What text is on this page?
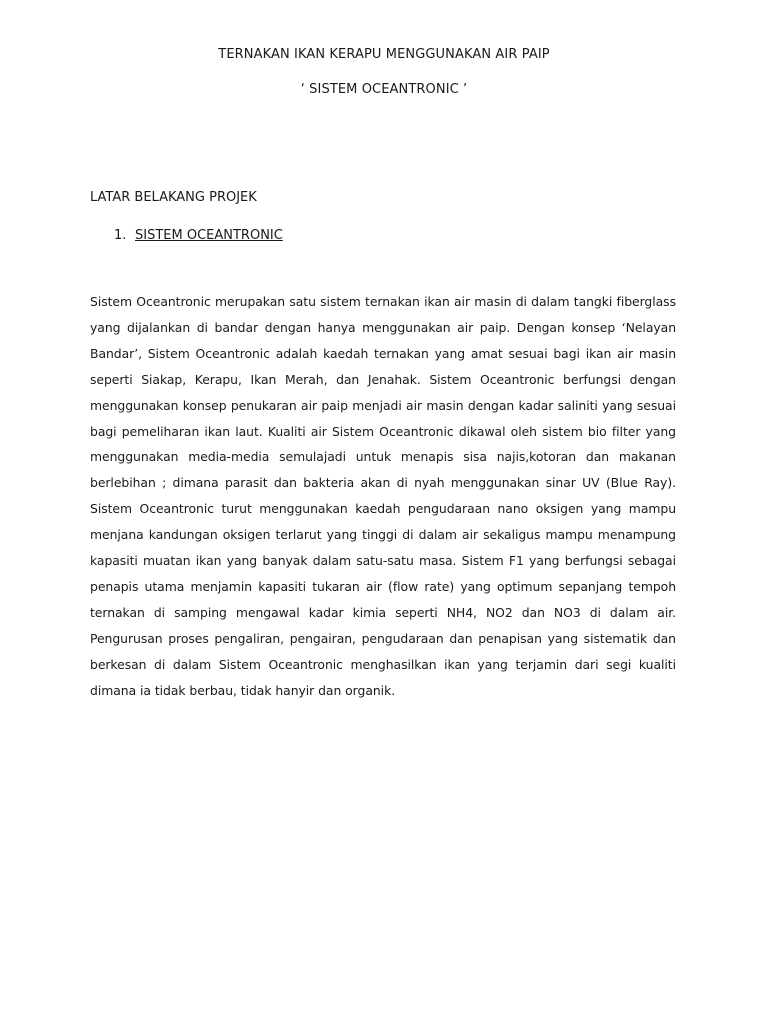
TERNAKAN IKAN KERAPU MENGGUNAKAN AIR PAIP
‘ SISTEM OCEANTRONIC ’
LATAR BELAKANG PROJEK
1. SISTEM OCEANTRONIC

Sistem Oceantronic merupakan satu sistem ternakan ikan air masin di dalam tangki fiberglass yang dijalankan di bandar dengan hanya menggunakan air paip. Dengan konsep ‘Nelayan Bandar’, Sistem Oceantronic adalah kaedah ternakan yang amat sesuai bagi ikan air masin seperti Siakap, Kerapu, Ikan Merah, dan Jenahak. Sistem Oceantronic berfungsi dengan menggunakan konsep penukaran air paip menjadi air masin dengan kadar saliniti yang sesuai bagi pemeliharan ikan laut. Kualiti air Sistem Oceantronic dikawal oleh sistem bio filter yang menggunakan media-media semulajadi untuk menapis sisa najis,kotoran dan makanan berlebihan ; dimana parasit dan bakteria akan di nyah menggunakan sinar UV (Blue Ray). Sistem Oceantronic turut menggunakan kaedah pengudaraan nano oksigen yang mampu menjana kandungan oksigen terlarut yang tinggi di dalam air sekaligus mampu menampung kapasiti muatan ikan yang banyak dalam satu-satu masa. Sistem F1 yang berfungsi sebagai penapis utama menjamin kapasiti tukaran air (flow rate) yang optimum sepanjang tempoh ternakan di samping mengawal kadar kimia seperti NH4, NO2 dan NO3 di dalam air. Pengurusan proses pengaliran, pengairan, pengudaraan dan penapisan yang sistematik dan berkesan di dalam Sistem Oceantronic menghasilkan ikan yang terjamin dari segi kualiti dimana ia tidak berbau, tidak hanyir dan organik.
